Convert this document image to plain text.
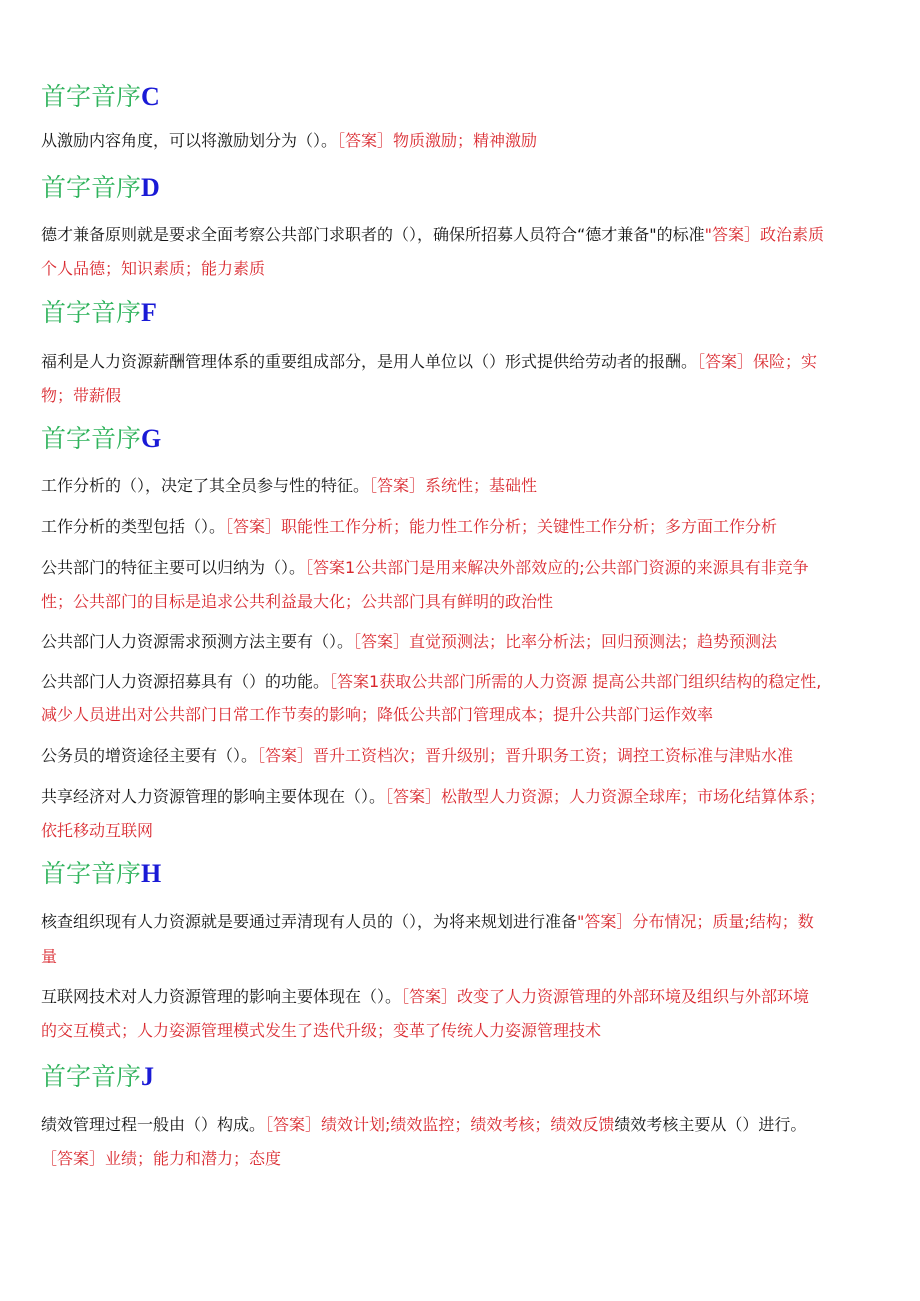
首字音序C
从激励内容角度，可以将激励划分为（）。［答案］物质激励；精神激励
首字音序D
德才兼备原则就是要求全面考察公共部门求职者的（），确保所招募人员符合“德才兼备"的标准"答案］政治素质
个人品德；知识素质；能力素质
首字音序F
福利是人力资源薪酬管理体系的重要组成部分，是用人单位以（）形式提供给劳动者的报酬。［答案］保险；实
物；带薪假
首字音序G
工作分析的（），决定了其全员参与性的特征。［答案］系统性；基础性
工作分析的类型包括（）。［答案］职能性工作分析；能力性工作分析；关键性工作分析；多方面工作分析
公共部门的特征主要可以归纳为（）。［答案1公共部门是用来解决外部效应的;公共部门资源的来源具有非竞争
性；公共部门的目标是追求公共利益最大化；公共部门具有鲜明的政治性
公共部门人力资源需求预测方法主要有（）。［答案］直觉预测法；比率分析法；回归预测法；趋势预测法
公共部门人力资源招募具有（）的功能。［答案1获取公共部门所需的人力资源 提高公共部门组织结构的稳定性,
减少人员进出对公共部门日常工作节奏的影响；降低公共部门管理成本；提升公共部门运作效率
公务员的增资途径主要有（）。［答案］晋升工资档次；晋升级别；晋升职务工资；调控工资标准与津贴水准
共享经济对人力资源管理的影响主要体现在（）。［答案］松散型人力资源；人力资源全球库；市场化结算体系；
依托移动互联网
首字音序H
核查组织现有人力资源就是要通过弄清现有人员的（），为将来规划进行准备"答案］分布情况；质量;结构；数
量
互联网技术对人力资源管理的影响主要体现在（）。［答案］改变了人力资源管理的外部环境及组织与外部环境
的交互模式；人力姿源管理模式发生了迭代升级；变革了传统人力姿源管理技术
首字音序J
绩效管理过程一般由（）构成。［答案］绩效计划;绩效监控；绩效考核；绩效反馈绩效考核主要从（）进行。
［答案］业绩；能力和潜力；态度
